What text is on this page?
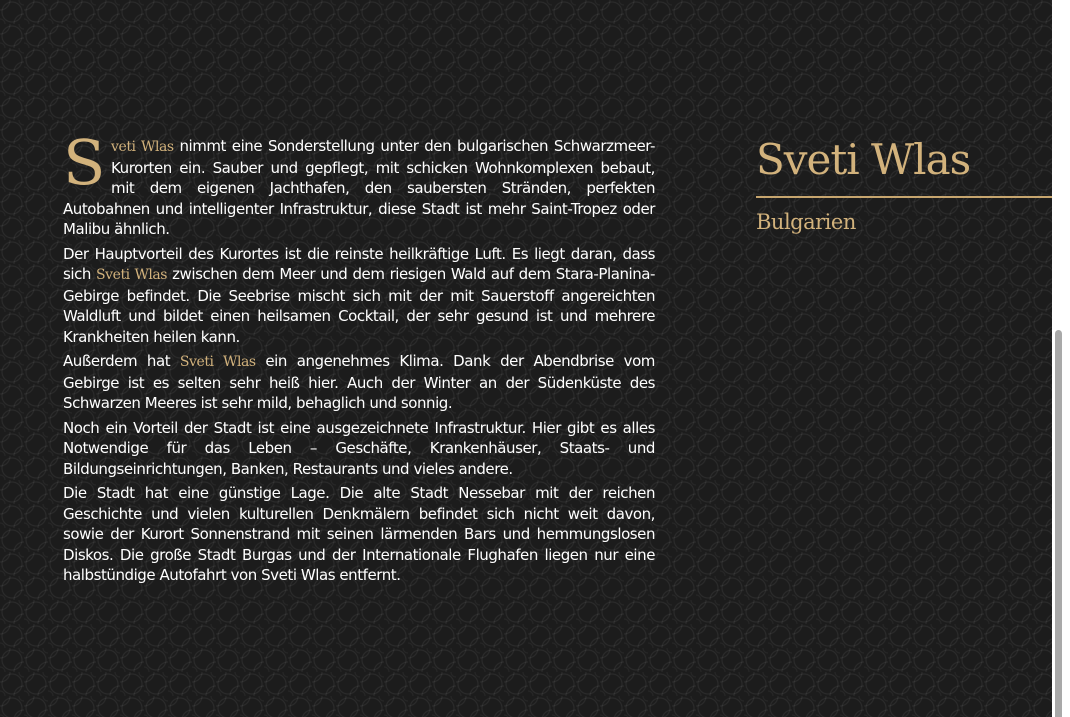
Sveti Wlas nimmt eine Sonderstellung unter den bulgarischen Schwarzmeer-Kurorten ein. Sauber und gepflegt, mit schicken Wohnkomplexen bebaut, mit dem eigenen Jachthafen, den saubersten Stränden, perfekten Autobahnen und intelligenter Infrastruktur, diese Stadt ist mehr Saint-Tropez oder Malibu ähnlich.

Der Hauptvorteil des Kurortes ist die reinste heilkräftige Luft. Es liegt daran, dass sich Sveti Wlas zwischen dem Meer und dem riesigen Wald auf dem Stara-Planina-Gebirge befindet. Die Seebrise mischt sich mit der mit Sauerstoff angereichten Waldluft und bildet einen heilsamen Cocktail, der sehr gesund ist und mehrere Krankheiten heilen kann.

Außerdem hat Sveti Wlas ein angenehmes Klima. Dank der Abendbrise vom Gebirge ist es selten sehr heiß hier. Auch der Winter an der Südenküste des Schwarzen Meeres ist sehr mild, behaglich und sonnig.

Noch ein Vorteil der Stadt ist eine ausgezeichnete Infrastruktur. Hier gibt es alles Notwendige für das Leben – Geschäfte, Krankenhäuser, Staats- und Bildungseinrichtungen, Banken, Restaurants und vieles andere.

Die Stadt hat eine günstige Lage. Die alte Stadt Nessebar mit der reichen Geschichte und vielen kulturellen Denkmälern befindet sich nicht weit davon, sowie der Kurort Sonnenstrand mit seinen lärmenden Bars und hemmungslosen Diskos. Die große Stadt Burgas und der Internationale Flughafen liegen nur eine halbstündige Autofahrt von Sveti Wlas entfernt.

Sveti Wlas
Bulgarien
